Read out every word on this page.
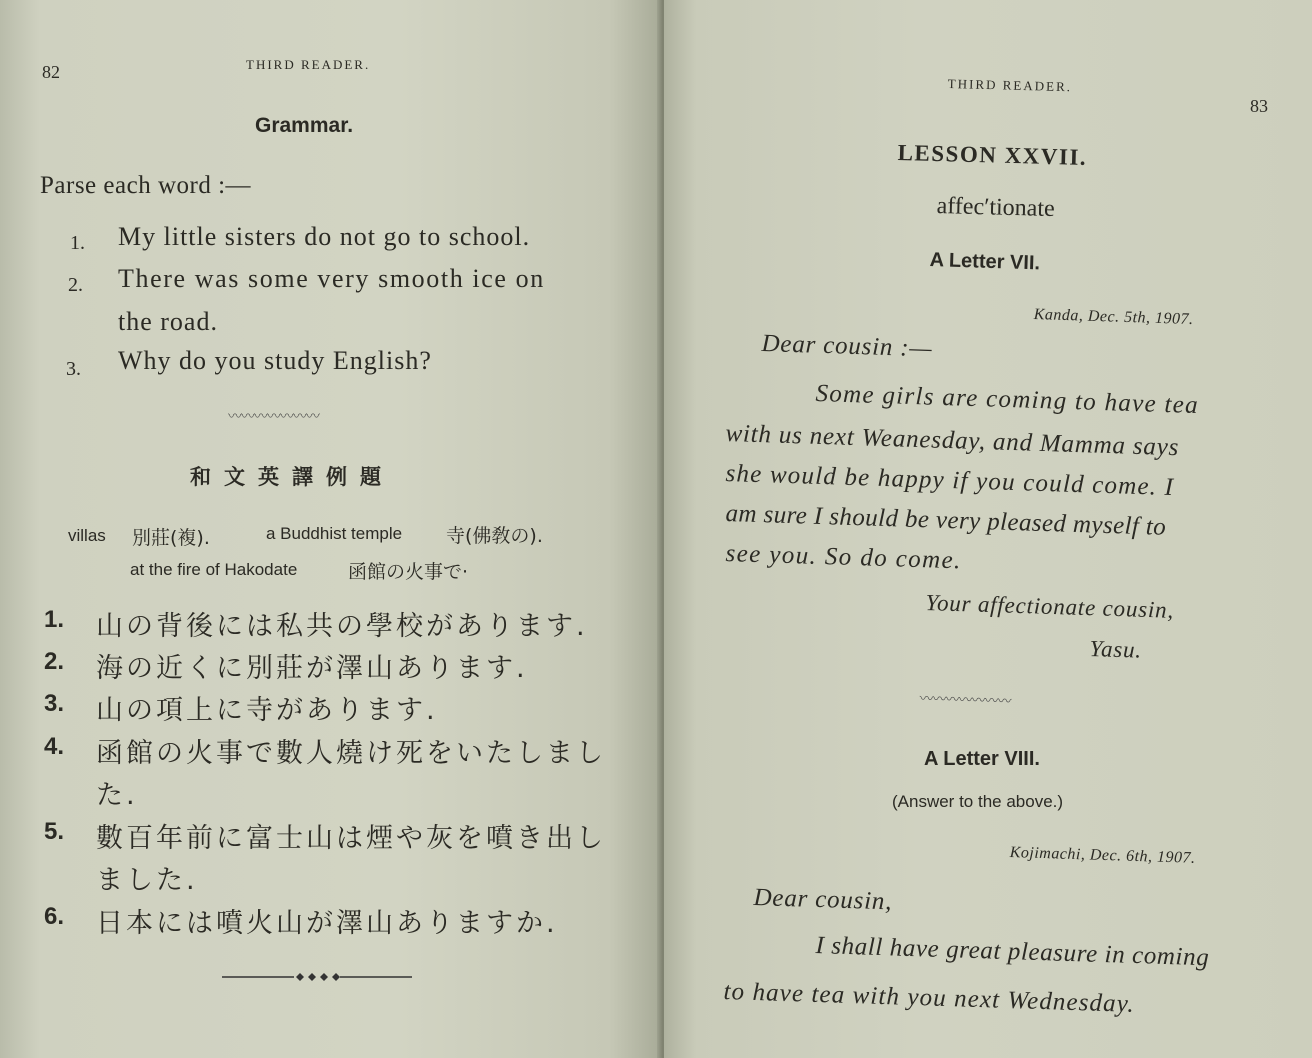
82	THIRD READER.
Grammar.
Parse each word :—
1. My little sisters do not go to school.
2. There was some very smooth ice on
the road.
3. Why do you study English?
〰〰〰〰〰〰〰
和文英譯例題
villas 別莊(複).	a Buddhist temple 寺(佛敎の).
at the fire of Hakodate	函館の火事で·
1. 山の背後には私共の學校があります.
2. 海の近くに別莊が澤山あります.
3. 山の項上に寺があります.
4. 函館の火事で數人燒け死をいたしまし
た.
5. 數百年前に富士山は煙や灰を噴き出し
ました.
6. 日本には噴火山が澤山ありますか.
THIRD READER.
83
LESSON XXVII.
affec′tionate
A Letter VII.
Kanda, Dec. 5th, 1907.
Dear cousin :—
Some girls are coming to have tea
with us next Weanesday, and Mamma says
she would be happy if you could come. I
am sure I should be very pleased myself to
see you. So do come.
Your affectionate cousin,
Yasu.
〰〰〰〰〰〰〰
A Letter VIII.
(Answer to the above.)
Kojimachi, Dec. 6th, 1907.
Dear cousin,
I shall have great pleasure in coming
to have tea with you next Wednesday.
